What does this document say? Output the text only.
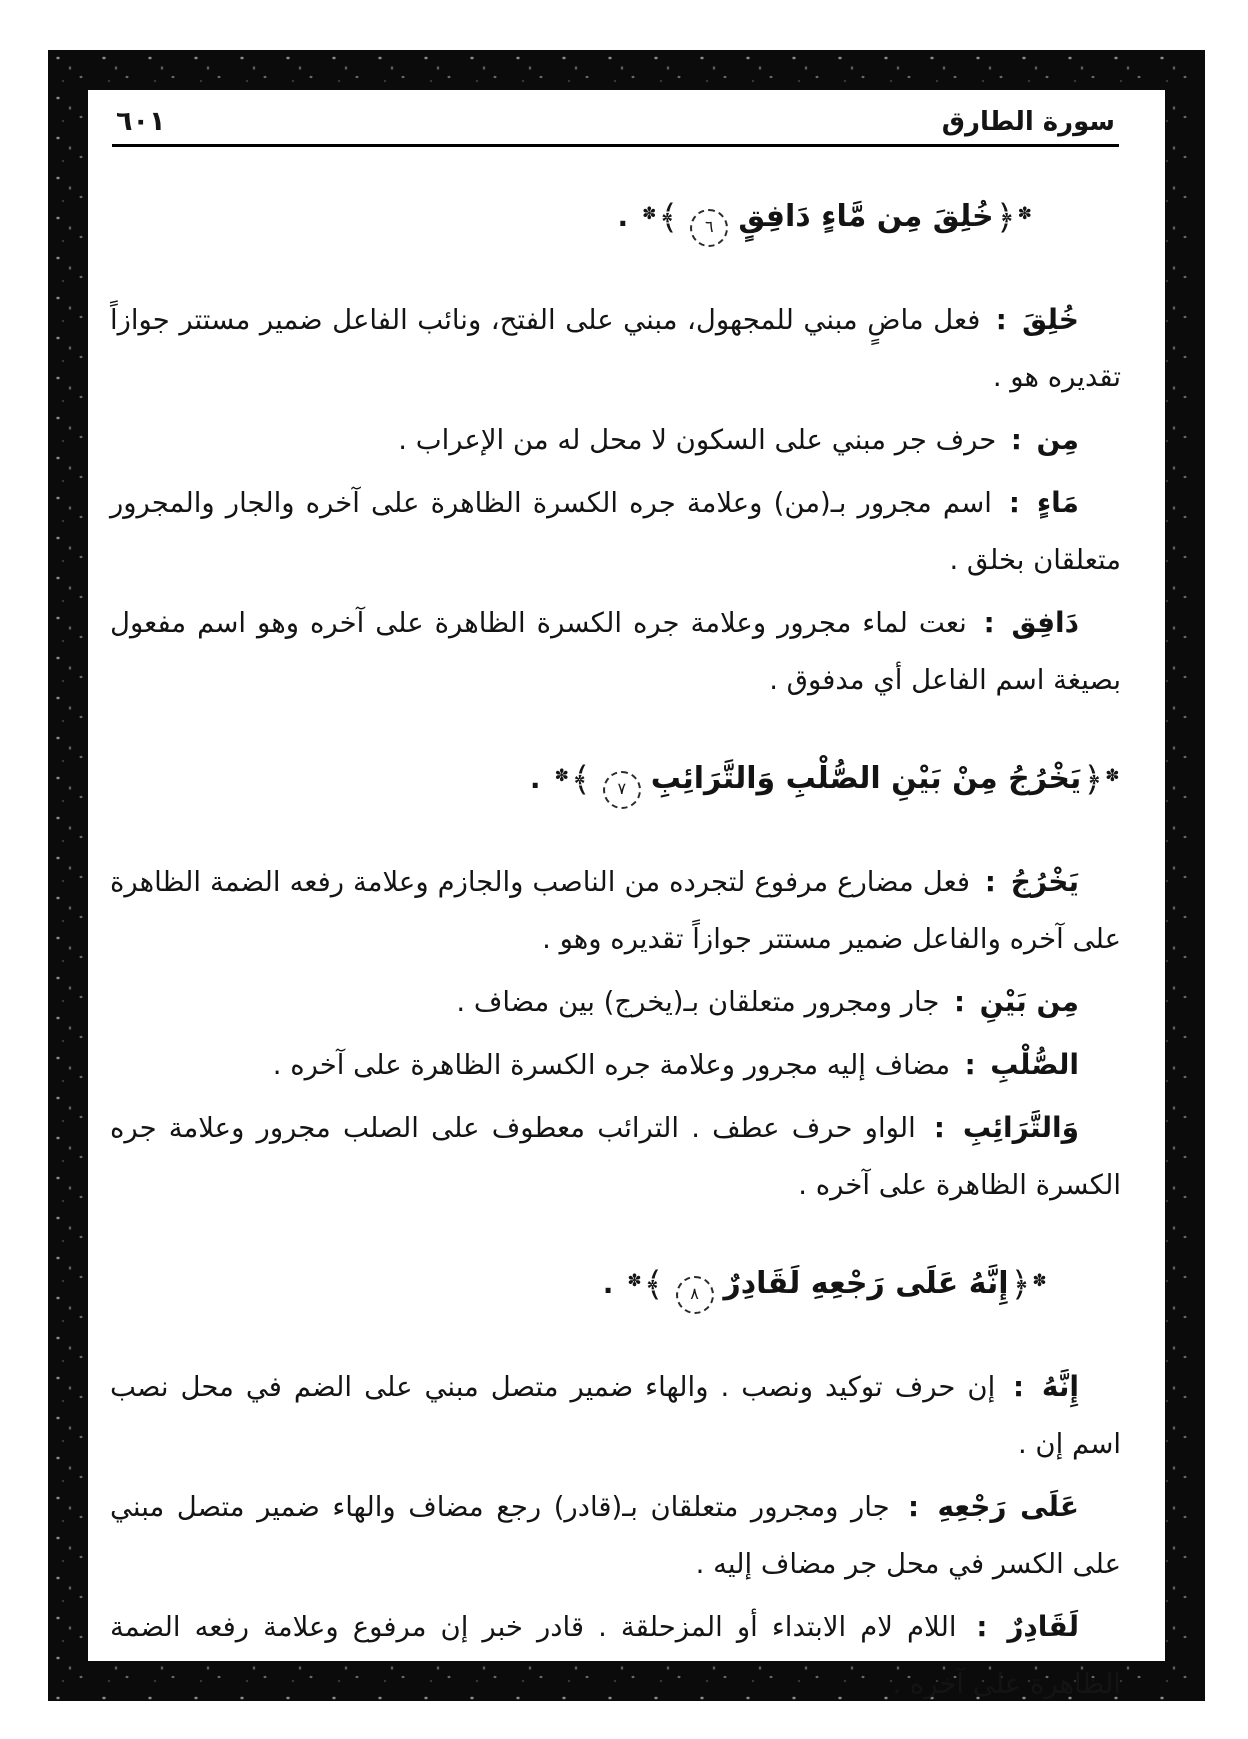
سورة الطارق
٦٠١
✽﴿خُلِقَ مِن مَّاءٍ دَافِقٍ٦﴾✽.

خُلِقَ : فعل ماضٍ مبني للمجهول، مبني على الفتح، ونائب الفاعل ضمير مستتر جوازاً تقديره هو .

مِن : حرف جر مبني على السكون لا محل له من الإعراب .

مَاءٍ : اسم مجرور بـ(من) وعلامة جره الكسرة الظاهرة على آخره والجار والمجرور متعلقان بخلق .

دَافِق : نعت لماء مجرور وعلامة جره الكسرة الظاهرة على آخره وهو اسم مفعول بصيغة اسم الفاعل أي مدفوق .

✽﴿يَخْرُجُ مِنْ بَيْنِ الصُّلْبِ وَالتَّرَائِبِ٧﴾✽.

يَخْرُجُ : فعل مضارع مرفوع لتجرده من الناصب والجازم وعلامة رفعه الضمة الظاهرة على آخره والفاعل ضمير مستتر جوازاً تقديره وهو .

مِن بَيْنِ : جار ومجرور متعلقان بـ(يخرج) بين مضاف .

الصُّلْبِ : مضاف إليه مجرور وعلامة جره الكسرة الظاهرة على آخره .

وَالتَّرَائِبِ : الواو حرف عطف . الترائب معطوف على الصلب مجرور وعلامة جره الكسرة الظاهرة على آخره .

✽﴿إِنَّهُ عَلَى رَجْعِهِ لَقَادِرٌ٨﴾✽.

إِنَّهُ : إن حرف توكيد ونصب . والهاء ضمير متصل مبني على الضم في محل نصب اسم إن .

عَلَى رَجْعِهِ : جار ومجرور متعلقان بـ(قادر) رجع مضاف والهاء ضمير متصل مبني على الكسر في محل جر مضاف إليه .

لَقَادِرٌ : اللام لام الابتداء أو المزحلقة . قادر خبر إن مرفوع وعلامة رفعه الضمة الظاهرة على آخره .
